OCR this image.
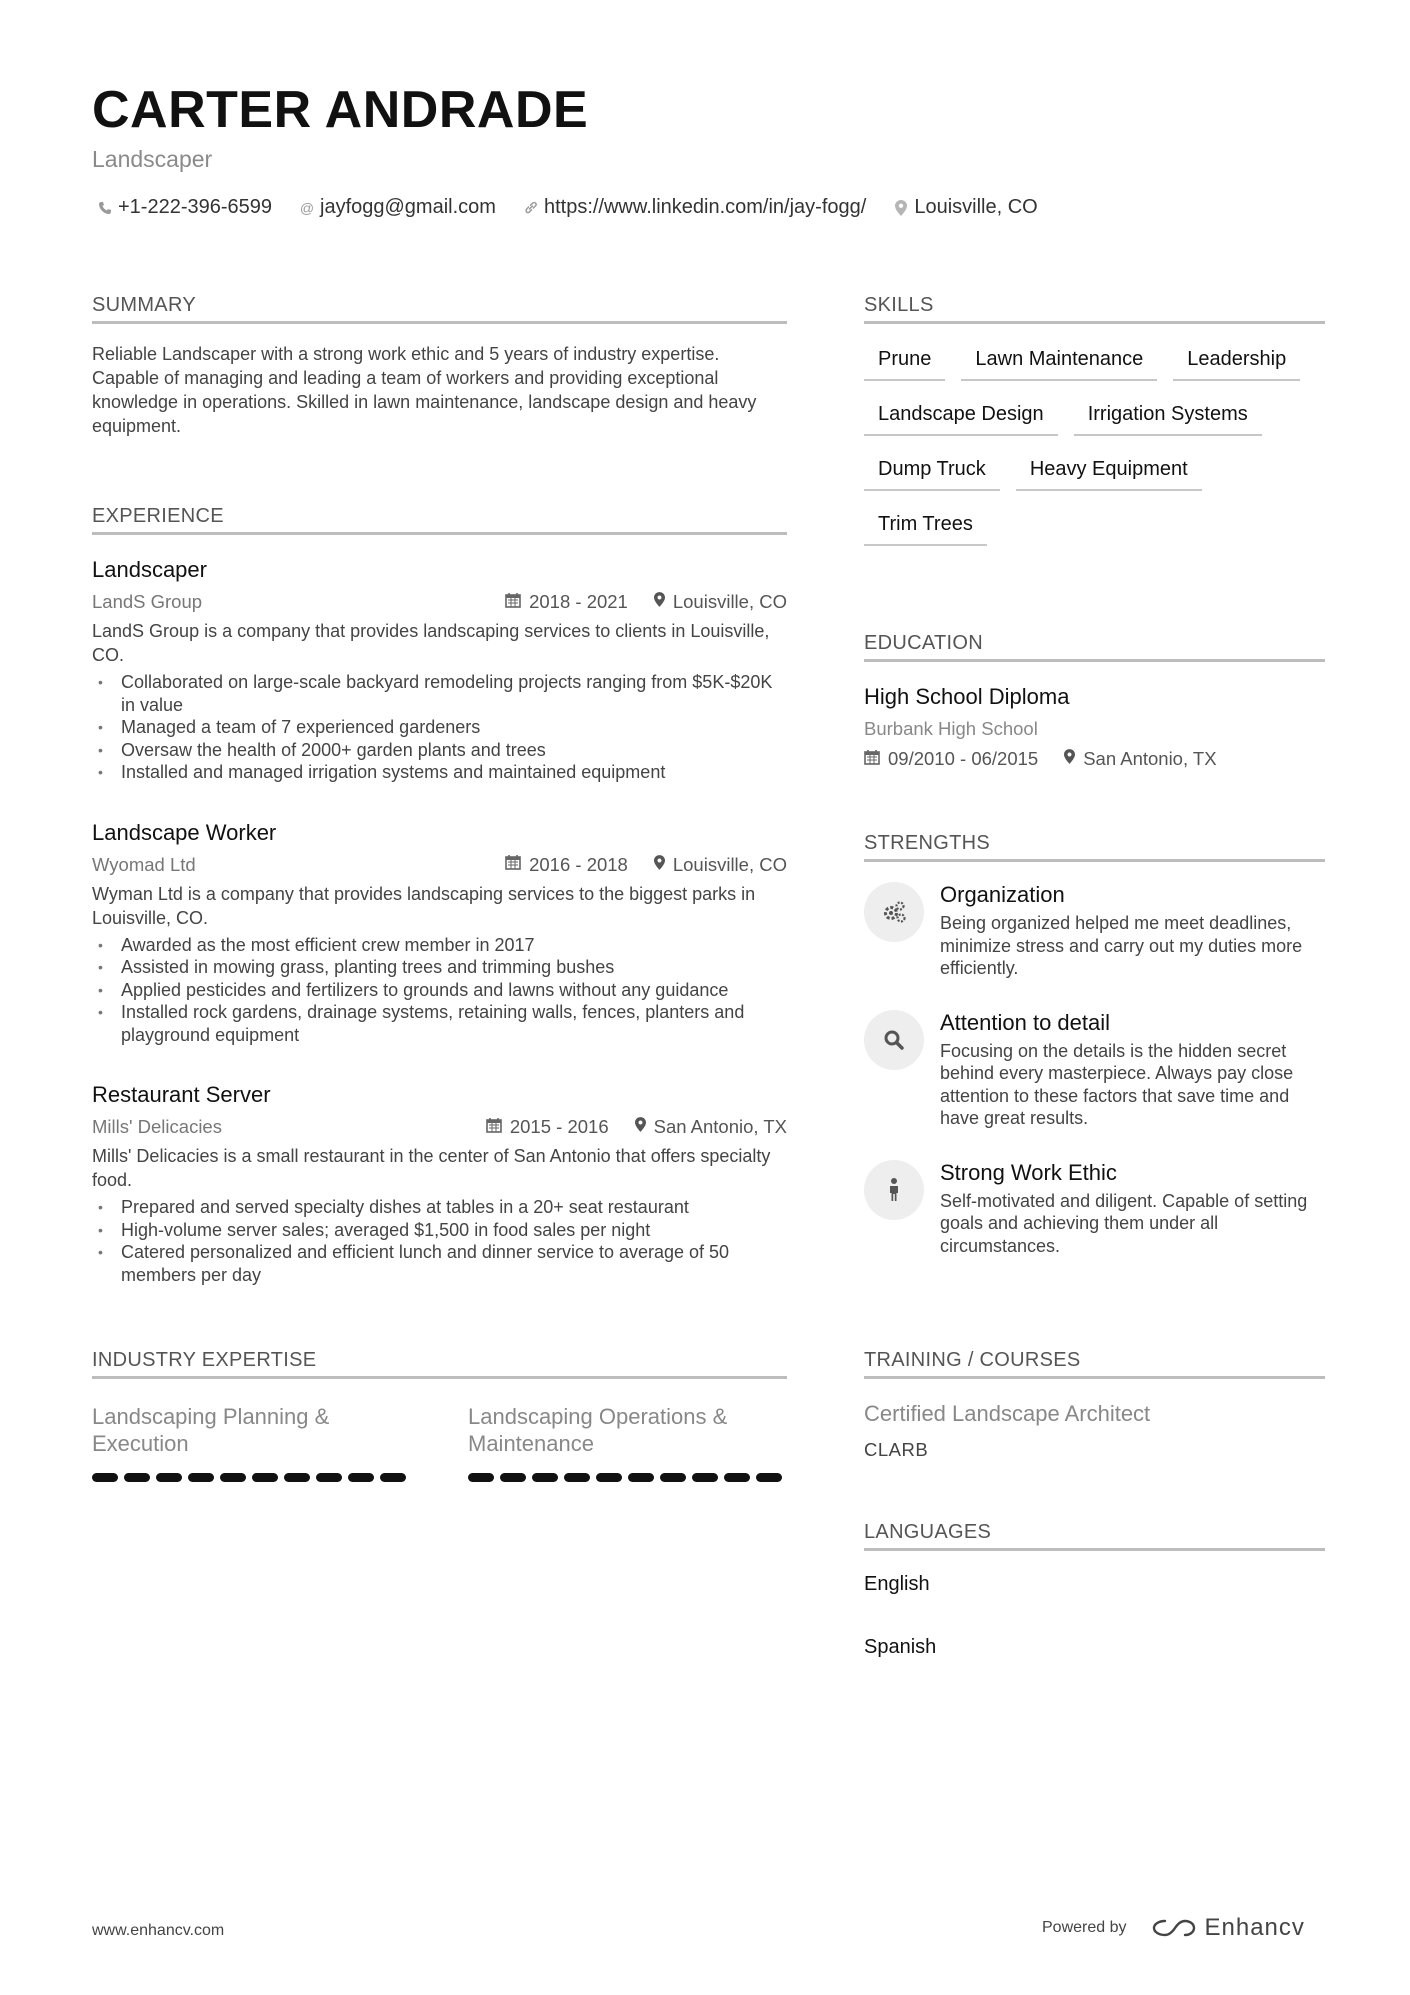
CARTER ANDRADE
Landscaper
+1-222-396-6599 @ jayfogg@gmail.com https://www.linkedin.com/in/jay-fogg/ Louisville, CO
SUMMARY
Reliable Landscaper with a strong work ethic and 5 years of industry expertise. Capable of managing and leading a team of workers and providing exceptional knowledge in operations. Skilled in lawn maintenance, landscape design and heavy equipment.
EXPERIENCE
Landscaper
LandS Group	2018 - 2021 Louisville, CO
LandS Group is a company that provides landscaping services to clients in Louisville, CO.
• Collaborated on large-scale backyard remodeling projects ranging from $5K-$20K in value
• Managed a team of 7 experienced gardeners
• Oversaw the health of 2000+ garden plants and trees
• Installed and managed irrigation systems and maintained equipment
Landscape Worker
Wyomad Ltd	2016 - 2018 Louisville, CO
Wyman Ltd is a company that provides landscaping services to the biggest parks in Louisville, CO.
• Awarded as the most efficient crew member in 2017
• Assisted in mowing grass, planting trees and trimming bushes
• Applied pesticides and fertilizers to grounds and lawns without any guidance
• Installed rock gardens, drainage systems, retaining walls, fences, planters and playground equipment
Restaurant Server
Mills' Delicacies	2015 - 2016 San Antonio, TX
Mills' Delicacies is a small restaurant in the center of San Antonio that offers specialty food.
• Prepared and served specialty dishes at tables in a 20+ seat restaurant
• High-volume server sales; averaged $1,500 in food sales per night
• Catered personalized and efficient lunch and dinner service to average of 50 members per day
INDUSTRY EXPERTISE
Landscaping Planning & Execution
Landscaping Operations & Maintenance
SKILLS
Prune	Lawn Maintenance	Leadership
Landscape Design	Irrigation Systems
Dump Truck	Heavy Equipment
Trim Trees
EDUCATION
High School Diploma
Burbank High School
09/2010 - 06/2015 San Antonio, TX
STRENGTHS
Organization
Being organized helped me meet deadlines, minimize stress and carry out my duties more efficiently.
Attention to detail
Focusing on the details is the hidden secret behind every masterpiece. Always pay close attention to these factors that save time and have great results.
Strong Work Ethic
Self-motivated and diligent. Capable of setting goals and achieving them under all circumstances.
TRAINING / COURSES
Certified Landscape Architect
CLARB
LANGUAGES
English
Spanish
www.enhancv.com	Powered by	Enhancv
